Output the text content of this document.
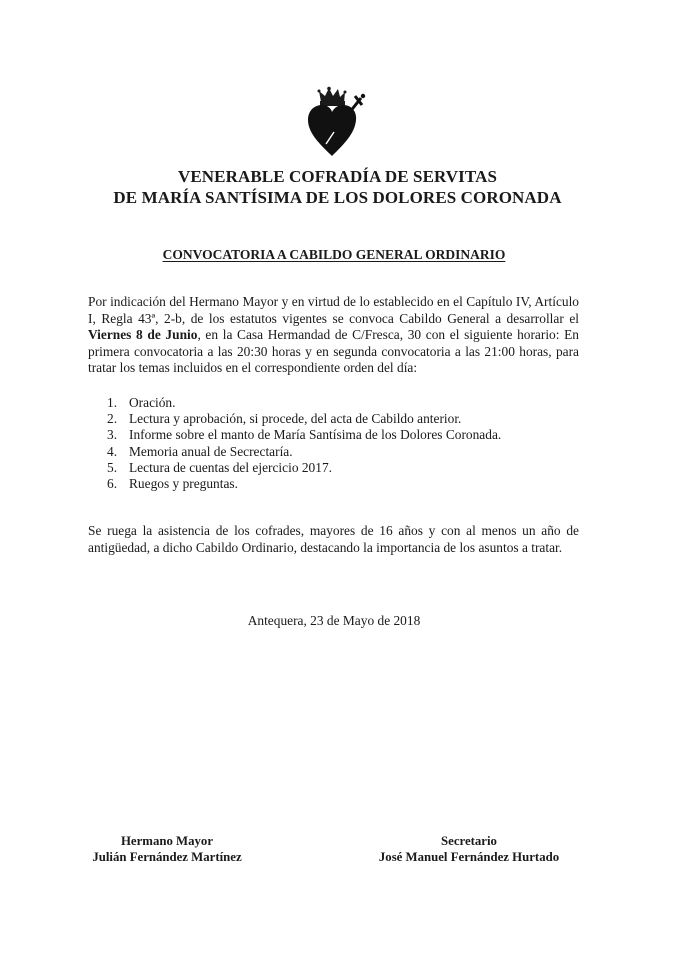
VENERABLE COFRADÍA DE SERVITAS
DE MARÍA SANTÍSIMA DE LOS DOLORES CORONADA
CONVOCATORIA A CABILDO GENERAL ORDINARIO
Por indicación del Hermano Mayor y en virtud de lo establecido en el Capítulo IV, Artículo I, Regla 43ª, 2-b, de los estatutos vigentes se convoca Cabildo General a desarrollar el Viernes 8 de Junio, en la Casa Hermandad de C/Fresca, 30 con el siguiente horario: En primera convocatoria a las 20:30 horas y en segunda convocatoria a las 21:00 horas, para tratar los temas incluidos en el correspondiente orden del día:
1. Oración.
2. Lectura y aprobación, si procede, del acta de Cabildo anterior.
3. Informe sobre el manto de María Santísima de los Dolores Coronada.
4. Memoria anual de Secrectaría.
5. Lectura de cuentas del ejercicio 2017.
6. Ruegos y preguntas.
Se ruega la asistencia de los cofrades, mayores de 16 años y con al menos un año de antigüedad, a dicho Cabildo Ordinario, destacando la importancia de los asuntos a tratar.
Antequera, 23 de Mayo de 2018
Hermano Mayor
Julián Fernández Martínez
Secretario
José Manuel Fernández Hurtado
